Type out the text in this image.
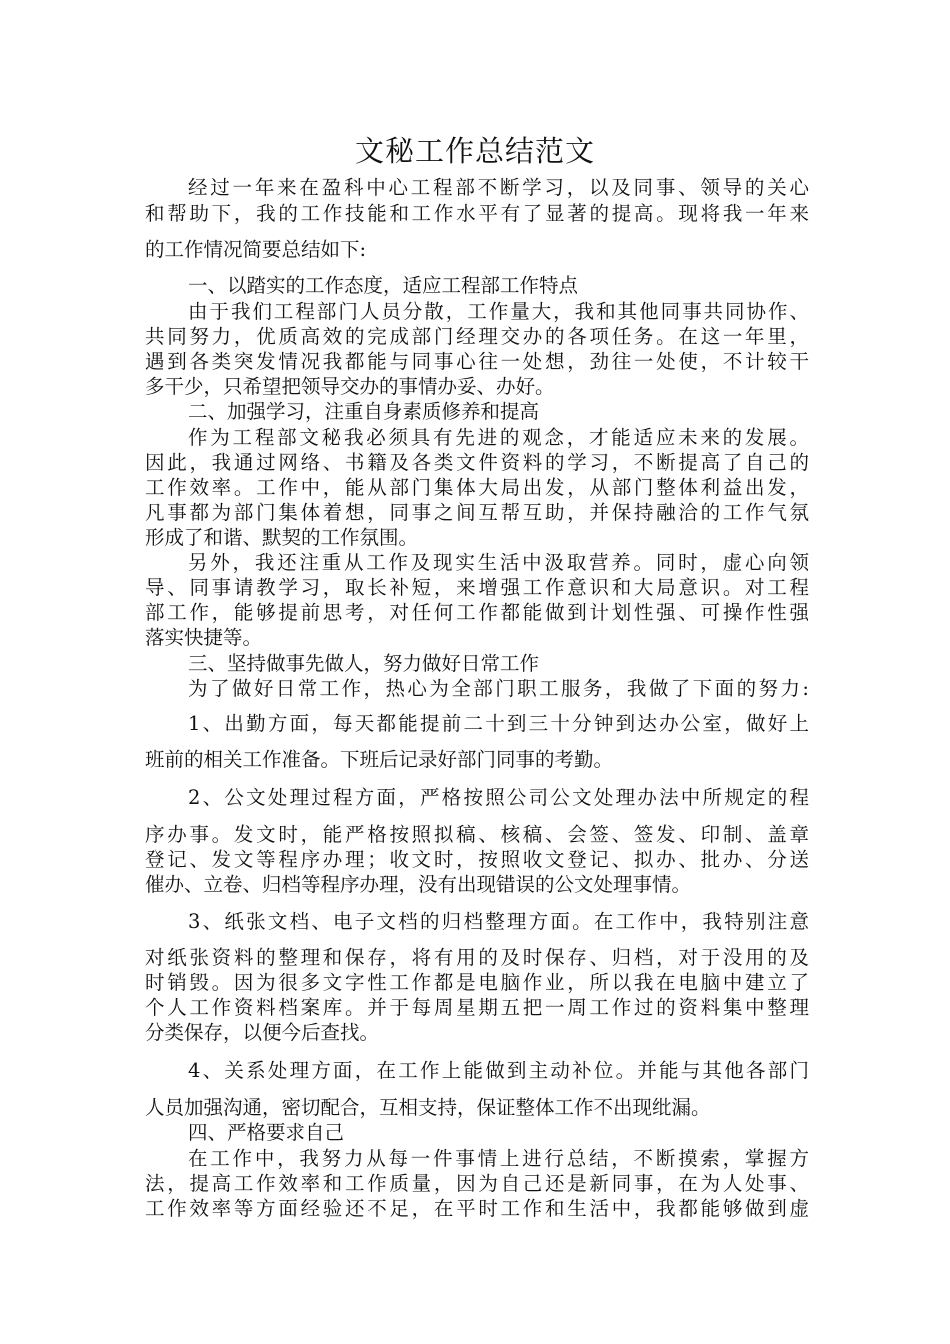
文秘工作总结范文
经过一年来在盈科中心工程部不断学习，以及同事、领导的关心
和帮助下，我的工作技能和工作水平有了显著的提高。现将我一年来
的工作情况简要总结如下:
一、以踏实的工作态度，适应工程部工作特点
由于我们工程部门人员分散，工作量大，我和其他同事共同协作、
共同努力，优质高效的完成部门经理交办的各项任务。在这一年里，
遇到各类突发情况我都能与同事心往一处想，劲往一处使，不计较干
多干少，只希望把领导交办的事情办妥、办好。
二、加强学习，注重自身素质修养和提高
作为工程部文秘我必须具有先进的观念，才能适应未来的发展。
因此，我通过网络、书籍及各类文件资料的学习，不断提高了自己的
工作效率。工作中，能从部门集体大局出发，从部门整体利益出发，
凡事都为部门集体着想，同事之间互帮互助，并保持融洽的工作气氛
形成了和谐、默契的工作氛围。
另外，我还注重从工作及现实生活中汲取营养。同时，虚心向领
导、同事请教学习，取长补短，来增强工作意识和大局意识。对工程
部工作，能够提前思考，对任何工作都能做到计划性强、可操作性强
落实快捷等。
三、坚持做事先做人，努力做好日常工作
为了做好日常工作，热心为全部门职工服务，我做了下面的努力:
1、出勤方面，每天都能提前二十到三十分钟到达办公室，做好上
班前的相关工作准备。下班后记录好部门同事的考勤。
2、公文处理过程方面，严格按照公司公文处理办法中所规定的程
序办事。发文时，能严格按照拟稿、核稿、会签、签发、印制、盖章
登记、发文等程序办理；收文时，按照收文登记、拟办、批办、分送
催办、立卷、归档等程序办理，没有出现错误的公文处理事情。
3、纸张文档、电子文档的归档整理方面。在工作中，我特别注意
对纸张资料的整理和保存，将有用的及时保存、归档，对于没用的及
时销毁。因为很多文字性工作都是电脑作业，所以我在电脑中建立了
个人工作资料档案库。并于每周星期五把一周工作过的资料集中整理
分类保存，以便今后查找。
4、关系处理方面，在工作上能做到主动补位。并能与其他各部门
人员加强沟通，密切配合，互相支持，保证整体工作不出现纰漏。
四、严格要求自己
在工作中，我努力从每一件事情上进行总结，不断摸索，掌握方
法，提高工作效率和工作质量，因为自己还是新同事，在为人处事、
工作效率等方面经验还不足，在平时工作和生活中，我都能够做到虚
